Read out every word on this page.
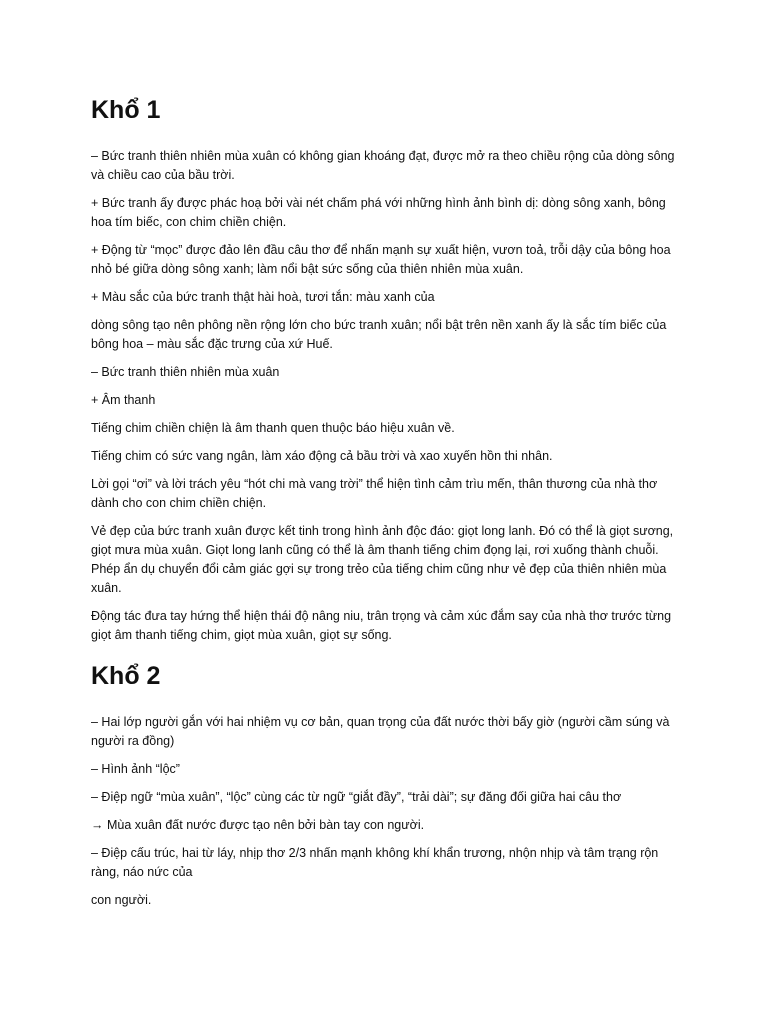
Khổ 1

– Bức tranh thiên nhiên mùa xuân có không gian khoáng đạt, được mở ra theo chiều rộng của dòng sông và chiều cao của bầu trời.

+ Bức tranh ấy được phác hoạ bởi vài nét chấm phá với những hình ảnh bình dị: dòng sông xanh, bông hoa tím biếc, con chim chiền chiện.

+ Động từ “mọc” được đảo lên đầu câu thơ để nhấn mạnh sự xuất hiện, vươn toả, trỗi dậy của bông hoa nhỏ bé giữa dòng sông xanh; làm nổi bật sức sống của thiên nhiên mùa xuân.

+ Màu sắc của bức tranh thật hài hoà, tươi tắn: màu xanh của

dòng sông tạo nên phông nền rộng lớn cho bức tranh xuân; nổi bật trên nền xanh ấy là sắc tím biếc của bông hoa – màu sắc đặc trưng của xứ Huế.

– Bức tranh thiên nhiên mùa xuân

+ Âm thanh

Tiếng chim chiền chiện là âm thanh quen thuộc báo hiệu xuân về.

Tiếng chim có sức vang ngân, làm xáo động cả bầu trời và xao xuyến hồn thi nhân.

Lời gọi “ơi” và lời trách yêu “hót chi mà vang trời” thể hiện tình cảm trìu mến, thân thương của nhà thơ dành cho con chim chiền chiện.

Vẻ đẹp của bức tranh xuân được kết tinh trong hình ảnh độc đáo: giọt long lanh. Đó có thể là giọt sương, giọt mưa mùa xuân. Giọt long lanh cũng có thể là âm thanh tiếng chim đọng lại, rơi xuống thành chuỗi. Phép ẩn dụ chuyển đổi cảm giác gợi sự trong trẻo của tiếng chim cũng như vẻ đẹp của thiên nhiên mùa xuân.

Động tác đưa tay hứng thể hiện thái độ nâng niu, trân trọng và cảm xúc đắm say của nhà thơ trước từng giọt âm thanh tiếng chim, giọt mùa xuân, giọt sự sống.

Khổ 2

– Hai lớp người gắn với hai nhiệm vụ cơ bản, quan trọng của đất nước thời bấy giờ (người cầm súng và người ra đồng)

– Hình ảnh “lộc”

– Điệp ngữ “mùa xuân”, “lộc” cùng các từ ngữ “giắt đầy”, “trải dài”; sự đăng đối giữa hai câu thơ

→ Mùa xuân đất nước được tạo nên bởi bàn tay con người.

– Điệp cấu trúc, hai từ láy, nhịp thơ 2/3 nhấn mạnh không khí khẩn trương, nhộn nhịp và tâm trạng rộn ràng, náo nức của

con người.
